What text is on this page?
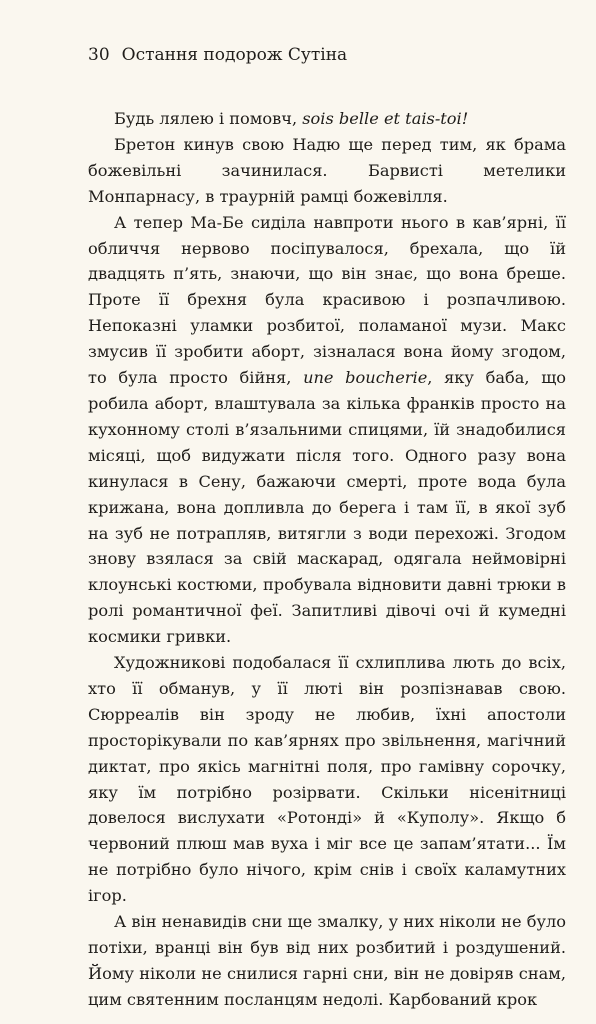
30 Остання подорож Сутіна

Будь лялею і помовч, sois belle et tais-toi!

Бретон кинув свою Надю ще перед тим, як брама божевільні зачинилася. Барвисті метелики Монпарнасу, в траурній рамці божевілля.

А тепер Ма-Бе сиділа навпроти нього в кав’ярні, її обличчя нервово посіпувалося, брехала, що їй двадцять п’ять, знаючи, що він знає, що вона бреше. Проте її брехня була красивою і розпачливою. Непоказні уламки розбитої, поламаної музи. Макс змусив її зробити аборт, зізналася вона йому згодом, то була просто бійня, une boucherie, яку баба, що робила аборт, влаштувала за кілька франків просто на кухонному столі в’язальними спицями, їй знадобилися місяці, щоб видужати після того. Одного разу вона кинулася в Сену, бажаючи смерті, проте вода була крижана, вона допливла до берега і там її, в якої зуб на зуб не потрапляв, витягли з води перехожі. Згодом знову взялася за свій маскарад, одягала неймовірні клоунські костюми, пробувала відновити давні трюки в ролі романтичної феї. Запитливі дівочі очі й кумедні космики гривки.

Художникові подобалася її схлиплива лють до всіх, хто її обманув, у її люті він розпізнавав свою. Сюрреалів він зроду не любив, їхні апостоли просторікували по кав’ярнях про звільнення, магічний диктат, про якісь магнітні поля, про гамівну сорочку, яку їм потрібно розірвати. Скільки нісенітниці довелося вислухати «Ротонді» й «Куполу». Якщо б червоний плюш мав вуха і міг все це запам’ятати... Їм не потрібно було нічого, крім снів і своїх каламутних ігор.

А він ненавидів сни ще змалку, у них ніколи не було потіхи, вранці він був від них розбитий і роздушений. Йому ніколи не снилися гарні сни, він не довіряв снам, цим святенним посланцям недолі. Карбований крок
